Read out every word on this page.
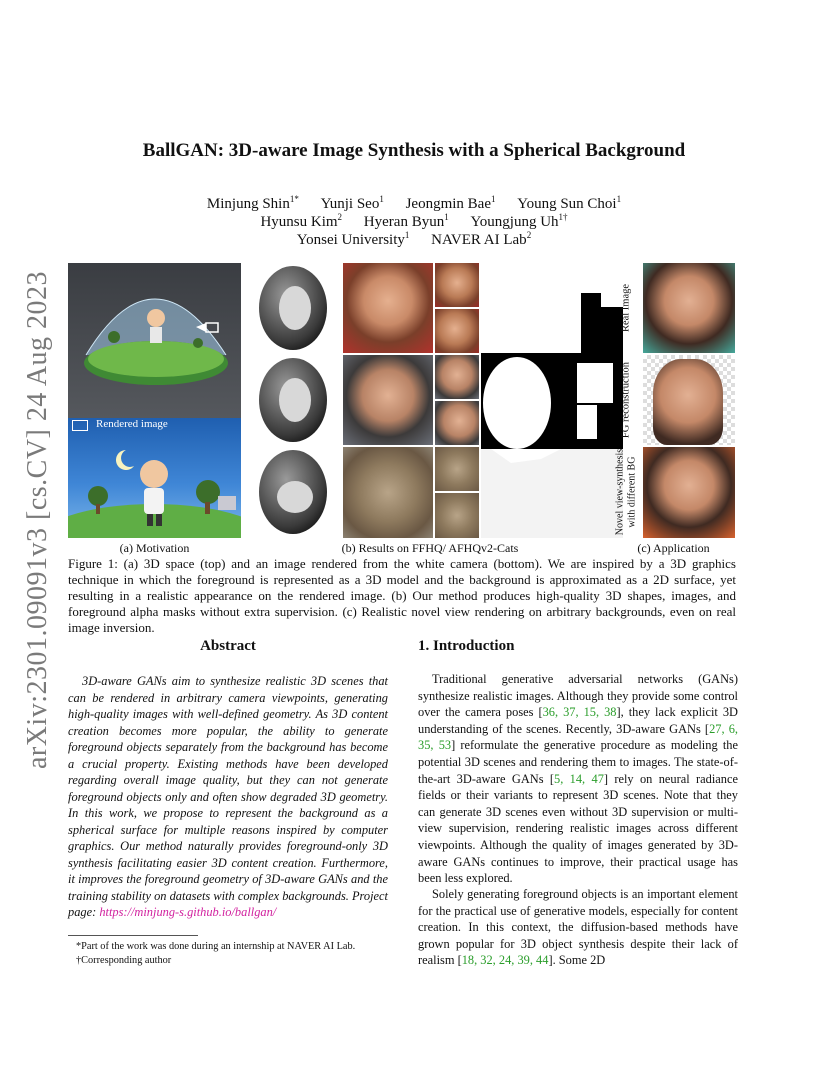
arXiv:2301.09091v3 [cs.CV] 24 Aug 2023
BallGAN: 3D-aware Image Synthesis with a Spherical Background
Minjung Shin$^{1*}$ Yunji Seo$^1$ Jeongmin Bae$^1$ Young Sun Choi$^1$
Hyunsu Kim$^2$ Hyeran Byun$^1$ Youngjung $Uh^{1\dagger}$
Yonsei University$^1$ NAVER AI Lab$^2$
Rendered image
(a) Motivation	(b) Results on FFHQ/ AFHQv2-Cats
Real Image
FG reconstruction
Novel view-synthesis with different BG
(c) Application
Figure 1: (a) 3D space (top) and an image rendered from the white camera (bottom). We are inspired by a 3D graphics technique in which the foreground is represented as a 3D model and the background is approximated as a 2D surface, yet resulting in a realistic appearance on the rendered image. (b) Our method produces high-quality 3D shapes, images, and foreground alpha masks without extra supervision. (c) Realistic novel view rendering on arbitrary backgrounds, even on real image inversion.
Abstract
3D-aware GANs aim to synthesize realistic 3D scenes that can be rendered in arbitrary camera viewpoints, generating high-quality images with well-defined geometry. As 3D content creation becomes more popular, the ability to generate foreground objects separately from the background has become a crucial property. Existing methods have been developed regarding overall image quality, but they can not generate foreground objects only and often show degraded 3D geometry. In this work, we propose to represent the background as a spherical surface for multiple reasons inspired by computer graphics. Our method naturally provides foreground-only 3D synthesis facilitating easier 3D content creation. Furthermore, it improves the foreground geometry of 3D-aware GANs and the training stability on datasets with complex backgrounds. Project page: https://minjung-s.github.io/ballgan/
1. Introduction

Traditional generative adversarial networks (GANs) synthesize realistic images. Although they provide some control over the camera poses [36, 37, 15, 38], they lack explicit 3D understanding of the scenes. Recently, 3D-aware GANs [27, 6, 35, 53] reformulate the generative procedure as modeling the potential 3D scenes and rendering them to images. The state-of-the-art 3D-aware GANs [5, 14, 47] rely on neural radiance fields or their variants to represent 3D scenes. Note that they can generate 3D scenes even without 3D supervision or multi-view supervision, rendering realistic images across different viewpoints. Although the quality of images generated by 3D-aware GANs continues to improve, their practical usage has been less explored.

Solely generating foreground objects is an important element for the practical use of generative models, especially for content creation. In this context, the diffusion-based methods have grown popular for 3D object synthesis despite their lack of realism [18, 32, 24, 39, 44]. Some 2D

*Part of the work was done during an internship at NAVER AI Lab.
†Corresponding author
